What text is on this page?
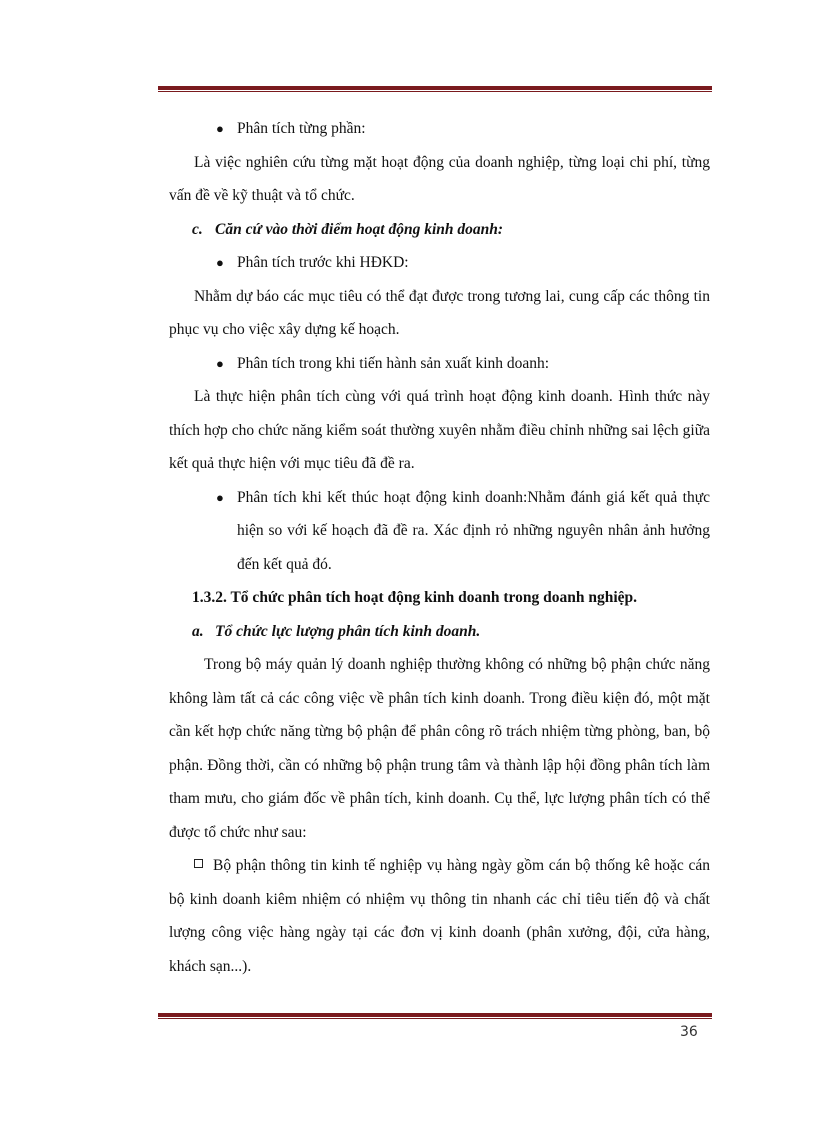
● Phân tích từng phần:

Là việc nghiên cứu từng mặt hoạt động của doanh nghiệp, từng loại chi phí, từng vấn đề về kỹ thuật và tổ chức.

c. Căn cứ vào thời điểm hoạt động kinh doanh:

● Phân tích trước khi HĐKD:

Nhằm dự báo các mục tiêu có thể đạt được trong tương lai, cung cấp các thông tin phục vụ cho việc xây dựng kế hoạch.

● Phân tích trong khi tiến hành sản xuất kinh doanh:

Là thực hiện phân tích cùng với quá trình hoạt động kinh doanh. Hình thức này thích hợp cho chức năng kiểm soát thường xuyên nhằm điều chỉnh những sai lệch giữa kết quả thực hiện với mục tiêu đã đề ra.

● Phân tích khi kết thúc hoạt động kinh doanh:Nhằm đánh giá kết quả thực hiện so với kế hoạch đã đề ra. Xác định rỏ những nguyên nhân ảnh hưởng đến kết quả đó.

1.3.2. Tổ chức phân tích hoạt động kinh doanh trong doanh nghiệp.

a. Tổ chức lực lượng phân tích kinh doanh.

Trong bộ máy quản lý doanh nghiệp thường không có những bộ phận chức năng không làm tất cả các công việc về phân tích kinh doanh. Trong điều kiện đó, một mặt cần kết hợp chức năng từng bộ phận để phân công rõ trách nhiệm từng phòng, ban, bộ phận. Đồng thời, cần có những bộ phận trung tâm và thành lập hội đồng phân tích làm tham mưu, cho giám đốc về phân tích, kinh doanh. Cụ thể, lực lượng phân tích có thể được tổ chức như sau:

Bộ phận thông tin kinh tế nghiệp vụ hàng ngày gồm cán bộ thống kê hoặc cán bộ kinh doanh kiêm nhiệm có nhiệm vụ thông tin nhanh các chỉ tiêu tiến độ và chất lượng công việc hàng ngày tại các đơn vị kinh doanh (phân xưởng, đội, cửa hàng, khách sạn...).

36
